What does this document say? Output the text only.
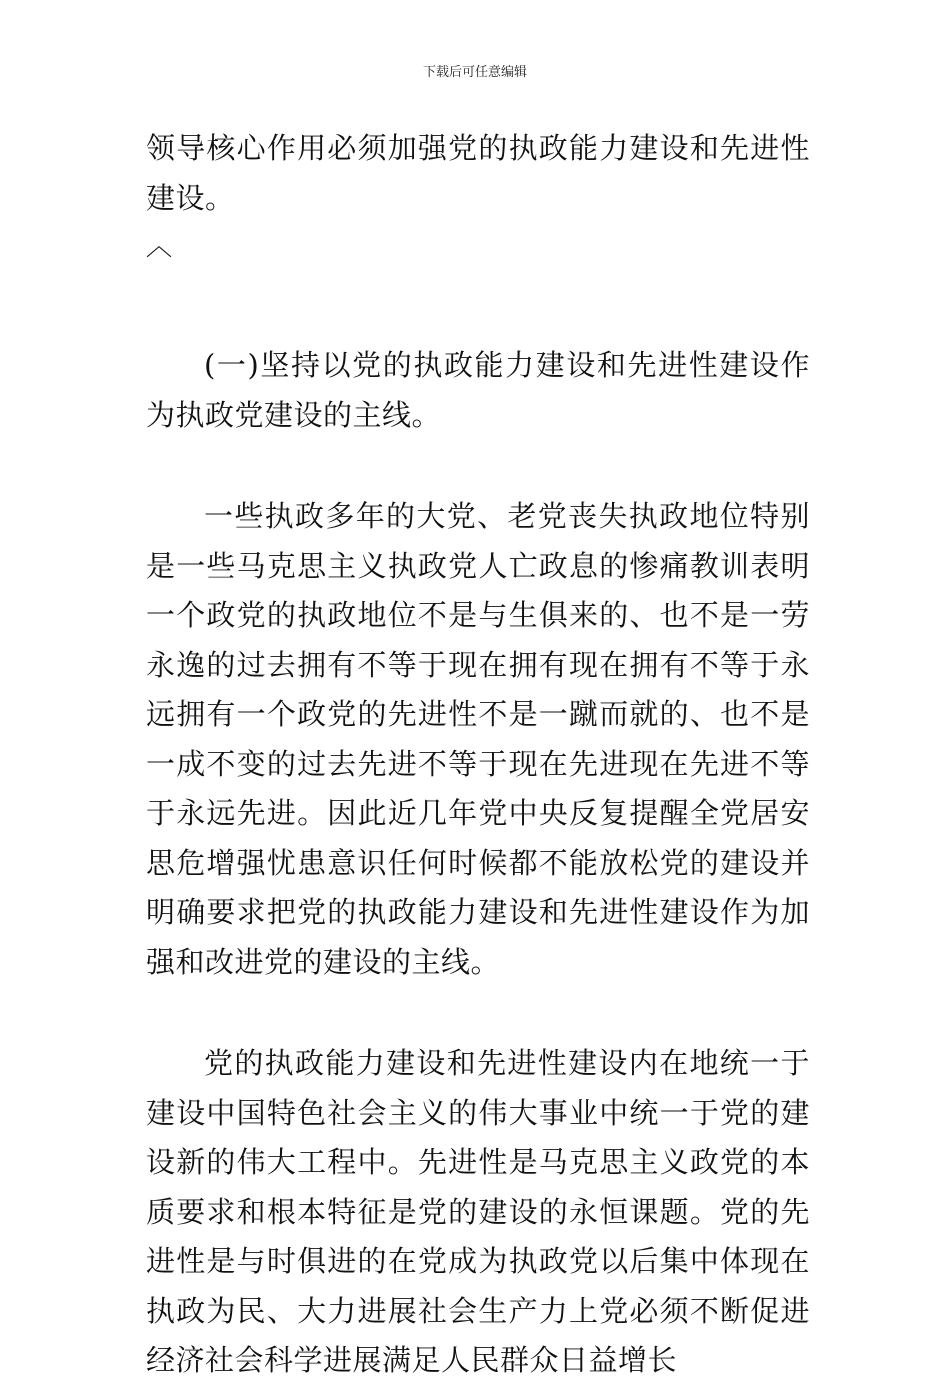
下载后可任意编辑

领导核心作用必须加强党的执政能力建设和先进性建设。

︿

(一)坚持以党的执政能力建设和先进性建设作为执政党建设的主线。

一些执政多年的大党、老党丧失执政地位特别是一些马克思主义执政党人亡政息的惨痛教训表明一个政党的执政地位不是与生俱来的、也不是一劳永逸的过去拥有不等于现在拥有现在拥有不等于永远拥有一个政党的先进性不是一蹴而就的、也不是一成不变的过去先进不等于现在先进现在先进不等于永远先进。因此近几年党中央反复提醒全党居安思危增强忧患意识任何时候都不能放松党的建设并明确要求把党的执政能力建设和先进性建设作为加强和改进党的建设的主线。

党的执政能力建设和先进性建设内在地统一于建设中国特色社会主义的伟大事业中统一于党的建设新的伟大工程中。先进性是马克思主义政党的本质要求和根本特征是党的建设的永恒课题。党的先进性是与时俱进的在党成为执政党以后集中体现在执政为民、大力进展社会生产力上党必须不断促进经济社会科学进展满足人民群众日益增长
